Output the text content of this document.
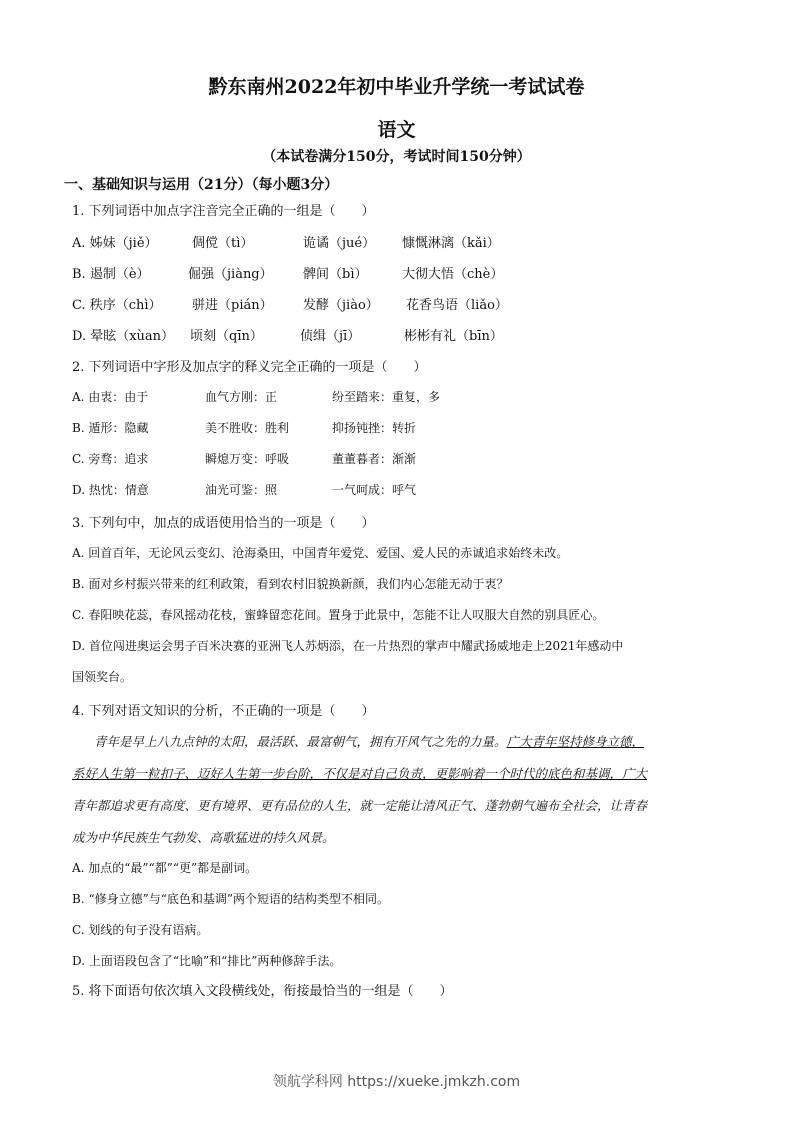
黔东南州2022年初中毕业升学统一考试试卷
语文
（本试卷满分150分，考试时间150分钟）
一、基础知识与运用（21分）（每小题3分）
1. 下列词语中加点字注音完全正确的一组是（　　）
A. 姊妹（jiě）	倜傥（tì）	诡谲（jué） 慷慨淋漓（kǎi）
B. 遏制（è）	倔强（jiàng） 髀间（bì）	大彻大悟（chè）
C. 秩序（chì） 骈进（pián） 发酵（jiào） 花香鸟语（liǎo）
D. 晕眩（xùan） 顷刻（qīn）	侦缉（jī）	彬彬有礼（bīn）
2. 下列词语中字形及加点字的释义完全正确的一项是（　　）
A. 由衷：由于	血气方刚：正	纷至踏来：重复，多
B. 遁形：隐藏	美不胜收：胜利	抑扬钝挫：转折
C. 旁骛：追求	瞬熄万变：呼吸	董董暮者：渐渐
D. 热忱：情意	油光可鉴：照	一气呵成：呼气
3. 下列句中，加点的成语使用恰当的一项是（　　）
A. 回首百年，无论风云变幻、沧海桑田，中国青年爱党、爱国、爱人民的赤诚追求始终未改。
B. 面对乡村振兴带来的红利政策，看到农村旧貌换新颜，我们内心怎能无动于衷？
C. 春阳映花蕊，春风摇动花枝，蜜蜂留恋花间。置身于此景中，怎能不让人叹服大自然的别具匠心。
D. 首位闯进奥运会男子百米决赛的亚洲飞人苏炳添，在一片热烈的掌声中耀武扬威地走上2021年感动中
国领奖台。
4. 下列对语文知识的分析，不正确的一项是（　　）
青年是早上八九点钟的太阳，最活跃、最富朝气，拥有开风气之先的力量。广大青年坚持修身立德，
系好人生第一粒扣子、迈好人生第一步台阶，不仅是对自己负责，更影响着一个时代的底色和基调，广大
青年都追求更有高度、更有境界、更有品位的人生，就一定能让清风正气、蓬勃朝气遍布全社会，让青春
成为中华民族生气勃发、高歌猛进的持久风景。
A. 加点的“最”“都”“更”都是副词。
B. “修身立德”与“底色和基调”两个短语的结构类型不相同。
C. 划线的句子没有语病。
D. 上面语段包含了“比喻”和“排比”两种修辞手法。
5. 将下面语句依次填入文段横线处，衔接最恰当的一组是（　　）
领航学科网 https://xueke.jmkzh.com
